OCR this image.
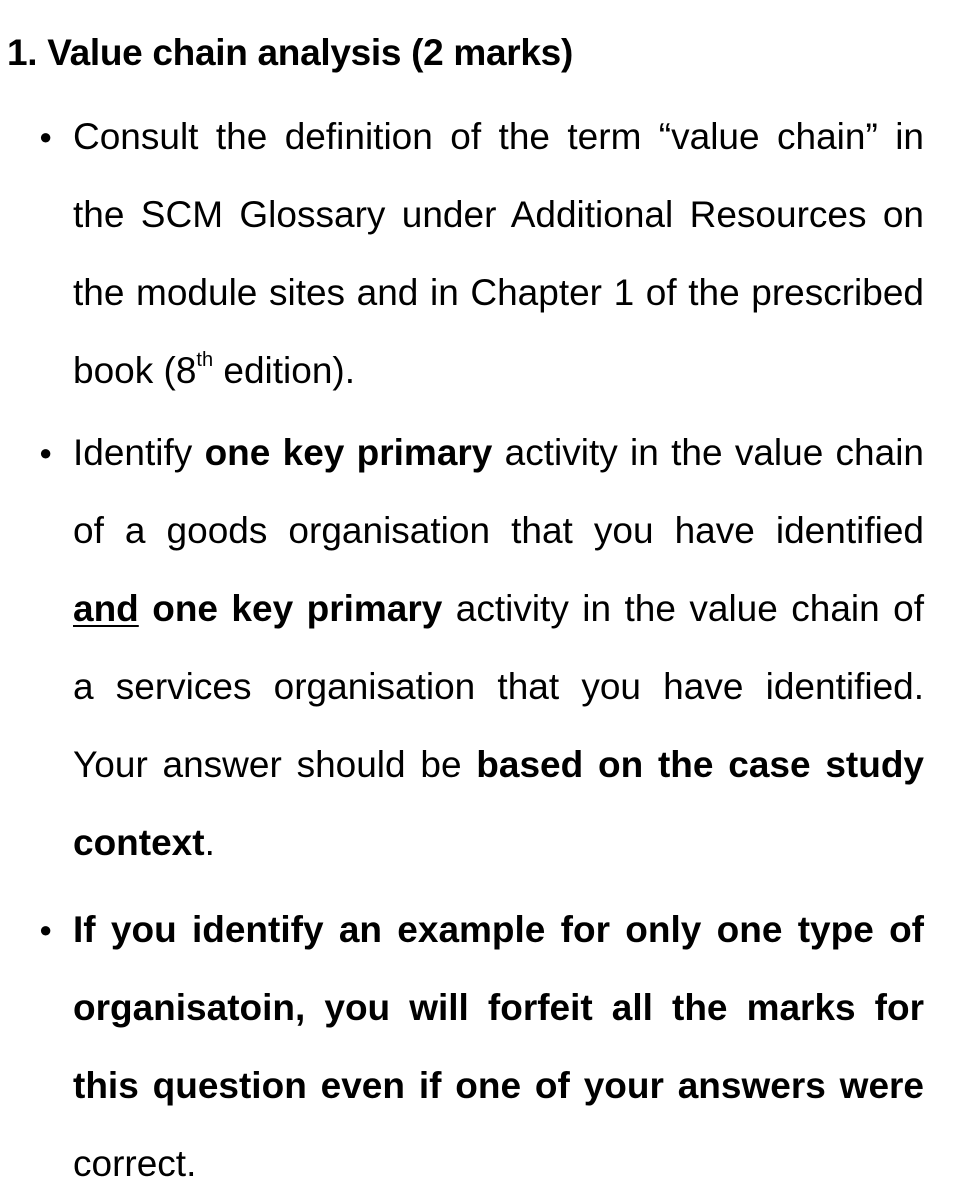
1. Value chain analysis (2 marks)
● Consult the definition of the term “value chain” in the SCM Glossary under Additional Resources on the module sites and in Chapter 1 of the prescribed book (8th edition).
● Identify one key primary activity in the value chain of a goods organisation that you have identified and one key primary activity in the value chain of a services organisation that you have identified. Your answer should be based on the case study context.
● If you identify an example for only one type of organisatoin, you will forfeit all the marks for this question even if one of your answers were correct.
